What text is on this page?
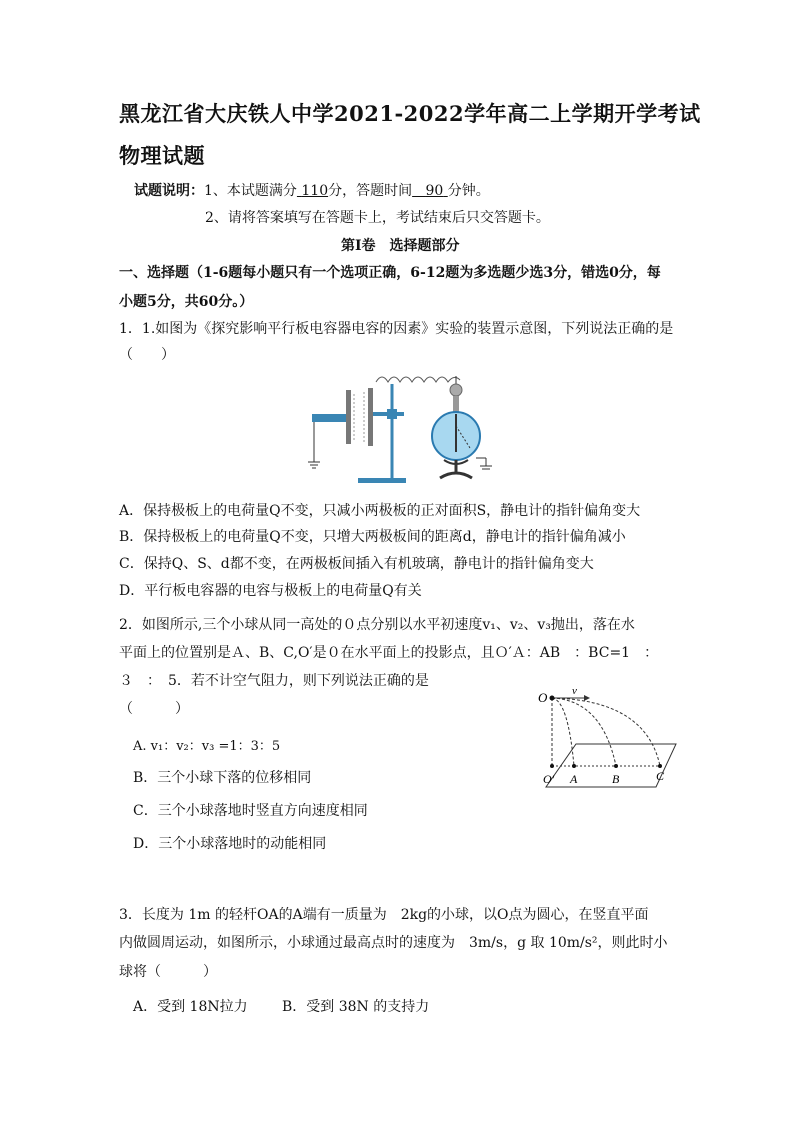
黑龙江省大庆铁人中学2021-2022学年高二上学期开学考试
物理试题
试题说明：1、本试题满分 110分，答题时间 90 分钟。
2、请将答案填写在答题卡上，考试结束后只交答题卡。
第Ⅰ卷　选择题部分
一、选择题（1-6题每小题只有一个选项正确，6-12题为多选题少选3分，错选0分，每
小题5分，共60分。）
1．1.如图为《探究影响平行板电容器电容的因素》实验的装置示意图，下列说法正确的是
（　　）
A．保持极板上的电荷量Q不变，只减小两极板的正对面积S，静电计的指针偏角变大
B．保持极板上的电荷量Q不变，只增大两极板间的距离d，静电计的指针偏角减小
C．保持Q、S、d都不变，在两极板间插入有机玻璃，静电计的指针偏角变大
D．平行板电容器的电容与极板上的电荷量Q有关
2．如图所示,三个小球从同一高处的０点分别以水平初速度v₁、v₂、v₃抛出，落在水
平面上的位置别是Ａ、B、C,O′是０在水平面上的投影点，且Ｏ′Ａ：AB　：BC=1　：
３　：　5．若不计空气阻力，则下列说法正确的是
（　　　）
O v
O′ A	B	C
A. v₁：v₂：v₃ =1：3：5
B．三个小球下落的位移相同
C．三个小球落地时竖直方向速度相同
D．三个小球落地时的动能相同
3．长度为 1m 的轻杆OA的A端有一质量为　2kg的小球，以O点为圆心，在竖直平面
内做圆周运动，如图所示，小球通过最高点时的速度为　3m/s，g 取 10m/s²，则此时小
球将（　　　）
A．受到 18N拉力 B．受到 38N 的支持力
